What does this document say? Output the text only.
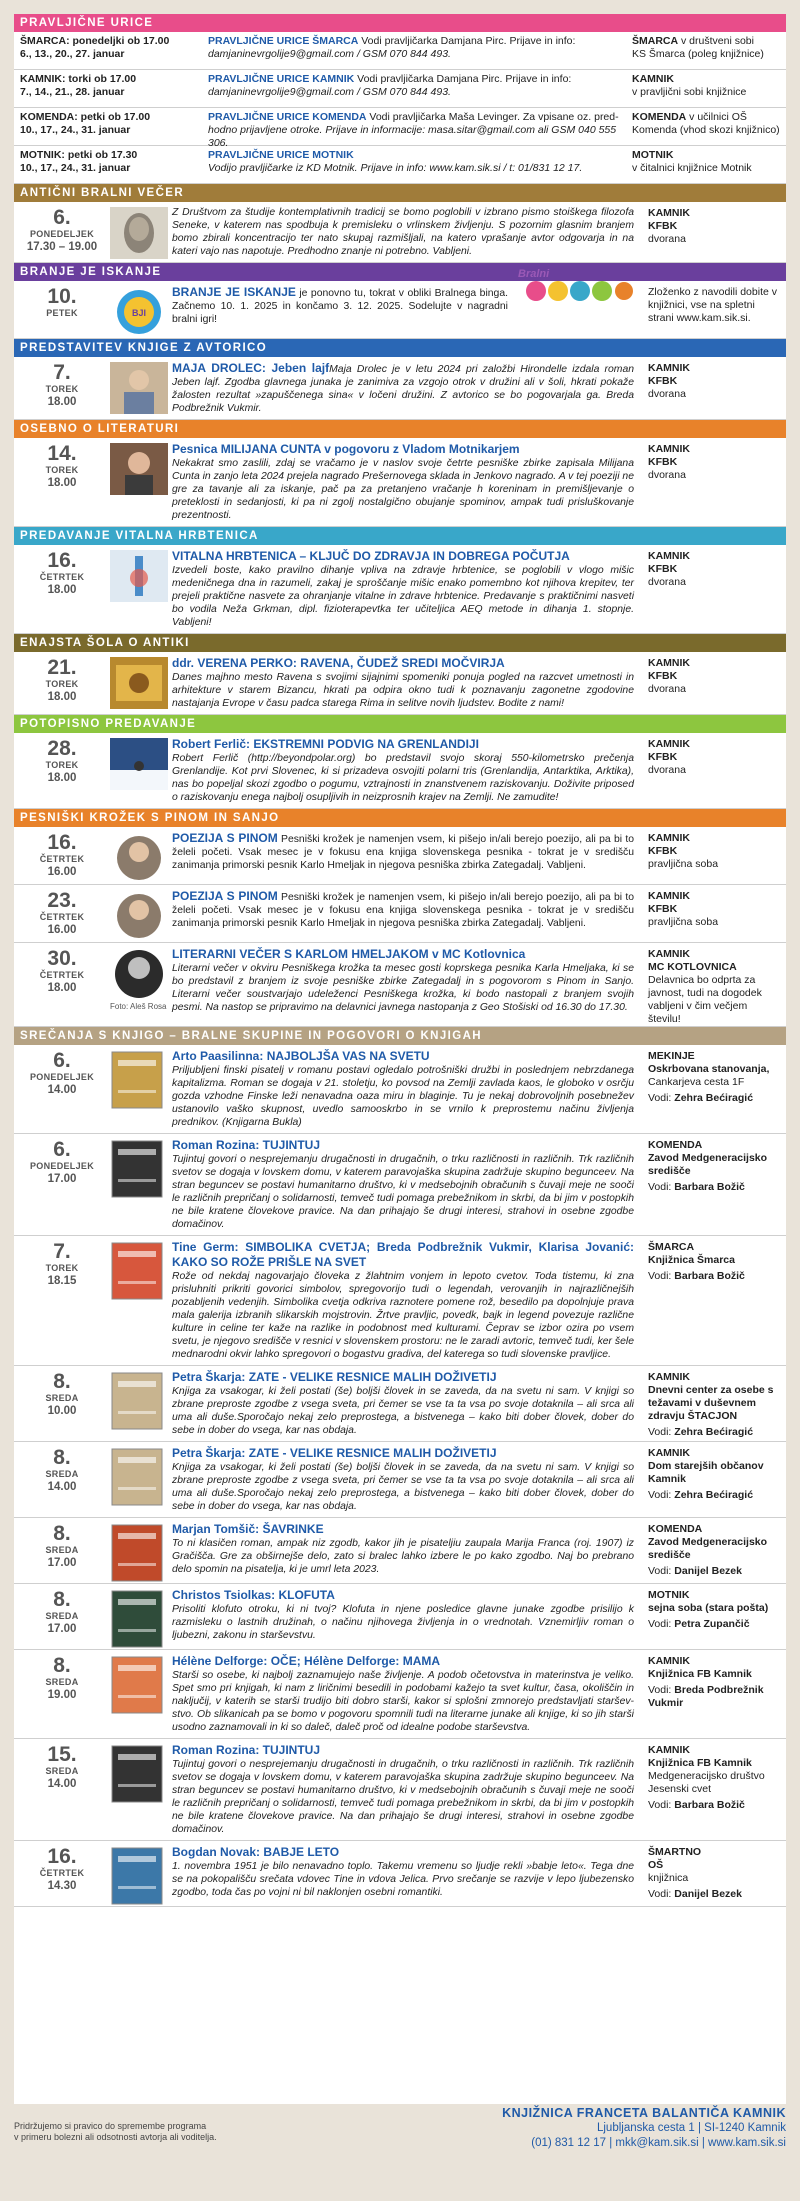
PRAVLJIČNE URICE
ŠMARCA: ponedeljki ob 17.00
6., 13., 20., 27. januar
PRAVLJIČNE URICE ŠMARCA Vodi pravljičarka Damjana Pirc. Prijave in info:
damjaninevrgolije9@gmail.com / GSM 070 844 493.
ŠMARCA v društveni sobi
KS Šmarca (poleg knjižnice)
KAMNIK: torki ob 17.00
7., 14., 21., 28. januar
PRAVLJIČNE URICE KAMNIK Vodi pravljičarka Damjana Pirc. Prijave in info:
damjaninevrgolije9@gmail.com / GSM 070 844 493.
KAMNIK
v pravljični sobi knjižnice
KOMENDA: petki ob 17.00
10., 17., 24., 31. januar
PRAVLJIČNE URICE KOMENDA Vodi pravljičarka Maša Levinger. Za vpisane oz. pred-
hodno prijavljene otroke. Prijave in informacije: masa.sitar@gmail.com ali GSM 040 555 306.
KOMENDA v učilnici OŠ
Komenda (vhod skozi knjižnico)
MOTNIK: petki ob 17.30
10., 17., 24., 31. januar
PRAVLJIČNE URICE MOTNIK
Vodijo pravljičarke iz KD Motnik. Prijave in info: www.kam.sik.si / t: 01/831 12 17.
MOTNIK
v čitalnici knjižnice Motnik
ANTIČNI BRALNI VEČER
6.
PONEDELJEK
17.30 – 19.00
Z Društvom za študije kontemplativnih tradicij se bomo poglobili v izbrano pismo stoiškega filozofa Seneke, v katerem nas spodbuja k premisleku o vrlinskem življenju. S pozornim glasnim branjem bomo zbirali koncentracijo ter nato skupaj razmišljali, na katero vprašanje avtor odgovarja in na kateri vajo nas napotuje. Predhodno znanje ni potrebno. Vabljeni.
KAMNIK
KFBK
dvorana
BRANJE JE ISKANJE
10.
PETEK	BJI
Bralni
BRANJE JE ISKANJE je ponovno tu, tokrat v obliki Bralnega binga. Začnemo 10. 1. 2025 in končamo 3. 12. 2025. Sodelujte v nagradni bralni igri!
Zloženko z navodili dobite v knjižnici, vse na spletni strani www.kam.sik.si.
PREDSTAVITEV KNJIGE Z AVTORICO
7.
TOREK
18.00
MAJA DROLEC: Jeben lajfMaja Drolec je v letu 2024 pri založbi Hirondelle izdala roman Jeben lajf. Zgodba glavnega junaka je zanimiva za vzgojo otrok v družini ali v šoli, hkrati pokaže žalosten rezultat »zapuščenega sina« v ločeni družini. Z avtorico se bo pogovarjala ga. Breda Podbrežnik Vukmir.
KAMNIK
KFBK
dvorana
OSEBNO O LITERATURI
14.
TOREK
18.00
Pesnica MILIJANA CUNTA v pogovoru z Vladom Motnikarjem
Nekakrat smo zaslili, zdaj se vračamo je v naslov svoje četrte pesniške zbirke zapisala Milijana Cunta in zanjo leta 2024 prejela nagrado Prešernovega sklada in Jenkovo nagrado. A v tej poeziji ne gre za tavanje ali za iskanje, pač pa za pretanjeno vračanje h koreninam in premišljevanje o preteklosti in sedanjosti, ki pa ni zgolj nostalgično obujanje spominov, ampak tudi prisluškovanje prezentnosti.
KAMNIK
KFBK
dvorana
PREDAVANJE VITALNA HRBTENICA
16.
ČETRTEK
18.00
VITALNA HRBTENICA – KLJUČ DO ZDRAVJA IN DOBREGA POČUTJA
Izvedeli boste, kako pravilno dihanje vpliva na zdravje hrbtenice, se poglobili v vlogo mišic medeničnega dna in razumeli, zakaj je sproščanje mišic enako pomembno kot njihova krepitev, ter prejeli praktične nasvete za ohranjanje vitalne in zdrave hrbtenice. Predavanje s praktičnimi nasveti bo vodila Neža Grkman, dipl. fizioterapevtka ter učiteljica AEQ metode in dihanja 1. stopnje. Vabljeni!
KAMNIK
KFBK
dvorana
ENAJSTA ŠOLA O ANTIKI
21.
TOREK
18.00
ddr. VERENA PERKO: RAVENA, ČUDEŽ SREDI MOČVIRJA
Danes majhno mesto Ravena s svojimi sijajnimi spomeniki ponuja pogled na razcvet umetnosti in arhitekture v starem Bizancu, hkrati pa odpira okno tudi k poznavanju zagonetne zgodovine nastajanja Evrope v času padca starega Rima in selitve novih ljudstev. Bodite z nami!
KAMNIK
KFBK
dvorana
POTOPISNO PREDAVANJE
28.
TOREK
18.00
Robert Ferlič: EKSTREMNI PODVIG NA GRENLANDIJI
Robert Ferlič (http://beyondpolar.org) bo predstavil svojo skoraj 550-kilometrsko prečenja Grenlandije. Kot prvi Slovenec, ki si prizadeva osvojiti polarni tris (Grenlandija, Antarktika, Arktika), nas bo popeljal skozi zgodbo o pogumu, vztrajnosti in znanstvenem raziskovanju. Doživite priposed o raziskovanju enega najbolj osupljivih in neizprosnih krajev na Zemlji. Ne zamudite!
KAMNIK
KFBK
dvorana
PESNIŠKI KROŽEK S PINOM IN SANJO
16.
ČETRTEK
16.00
POEZIJA S PINOM Pesniški krožek je namenjen vsem, ki pišejo in/ali berejo poezijo, ali pa bi to želeli početi. Vsak mesec je v fokusu ena knjiga slovenskega pesnika - tokrat je v središču zanimanja primorski pesnik Karlo Hmeljak in njegova pesniška zbirka Zategadalj. Vabljeni.
KAMNIK
KFBK
pravljična soba
23.
ČETRTEK
16.00
POEZIJA S PINOM Pesniški krožek je namenjen vsem, ki pišejo in/ali berejo poezijo, ali pa bi to želeli početi. Vsak mesec je v fokusu ena knjiga slovenskega pesnika - tokrat je v središču zanimanja primorski pesnik Karlo Hmeljak in njegova pesniška zbirka Zategadalj. Vabljeni.
KAMNIK
KFBK
pravljična soba
30.
ČETRTEK
18.00
Foto: Aleš Rosa
LITERARNI VEČER S KARLOM HMELJAKOM v MC Kotlovnica
Literarni večer v okviru Pesniškega krožka ta mesec gosti koprskega pesnika Karla Hmeljaka, ki se bo predstavil z branjem iz svoje pesniške zbirke Zategadalj in s pogovorom s Pinom in Sanjo. Literarni večer soustvarjajo udeleženci Pesniškega krožka, ki bodo nastopali z branjem svojih pesmi. Na nastop se pripravimo na delavnici javnega nastopanja z Geo Stošiski od 16.30 do 17.30.
KAMNIK
MC KOTLOVNICA
Delavnica bo odprta za javnost, tudi na dogodek vabljeni v čim večjem številu!
SREČANJA S KNJIGO – BRALNE SKUPINE IN POGOVORI O KNJIGAH
6.
PONEDELJEK
14.00
Arto Paasilinna: NAJBOLJŠA VAS NA SVETU
Priljubljeni finski pisatelj v romanu postavi ogledalo potrošniški družbi in poslednjem nebrzdanega kapitalizma. Roman se dogaja v 21. stoletju, ko povsod na Zemlji zavlada kaos, le globoko v osrčju gozda vzhodne Finske leži nenavadna oaza miru in blaginje. Tu je nekaj dobrovoljnih posebnežev ustanovilo vaško skupnost, uvedlo samooskrbo in se vrnilo k preprostemu načinu življenja prednikov. (Knjigarna Bukla)
MEKINJE
Oskrbovana stanovanja,
Cankarjeva cesta 1F
Vodi: Zehra Bećiragić
6.
PONEDELJEK
17.00
Roman Rozina: TUJINTUJ
Tujintuj govori o nesprejemanju drugačnosti in drugačnih, o trku različnosti in različnih. Trk različnih svetov se dogaja v lovskem domu, v katerem paravojaška skupina zadržuje skupino begunceev. Na stran beguncev se postavi humanitarno društvo, ki v medsebojnih obračunih s čuvaji meje ne sooči le različnih prepričanj o solidarnosti, temveč tudi pomaga prebežnikom in skrbi, da bi jim v postopkih ne bile kratene človekove pravice. Na dan prihajajo še drugi interesi, strahovi in osebne zgodbe domačinov.
KOMENDA
Zavod Medgeneracijsko središče
Vodi: Barbara Božič
7.
TOREK
18.15
Tine Germ: SIMBOLIKA CVETJA; Breda Podbrežnik Vukmir, Klarisa Jovanić: KAKO SO ROŽE PRIŠLE NA SVET
Rože od nekdaj nagovarjajo človeka z žlahtnim vonjem in lepoto cvetov. Toda tistemu, ki zna prisluhniti prikriti govorici simbolov, spregovorijo tudi o legendah, verovanjih in najrazličnejših pozabljenih vedenjih. Simbolika cvetja odkriva raznotere pomene rož, besedilo pa dopolnjuje prava mala galerija izbranih slikarskih mojstrovin. Žrtve pravljic, povedk, bajk in legend povezuje različne kulture in celine ter kaže na razlike in podobnost med kulturami. Čeprav se izbor ozira po vsem svetu, je njegovo središče v resnici v slovenskem prostoru: ne le zaradi avtoric, temveč tudi, ker šele mednarodni okvir lahko spregovori o bogastvu gradiva, del katerega so tudi slovenske pravljice.
ŠMARCA
Knjižnica Šmarca
Vodi: Barbara Božič
8.
SREDA
10.00
Petra Škarja: ZATE - VELIKE RESNICE MALIH DOŽIVETIJ
Knjiga za vsakogar, ki želi postati (še) boljši človek in se zaveda, da na svetu ni sam. V knjigi so zbrane preproste zgodbe z vsega sveta, pri čemer se vse ta ta vsa po svoje dotaknila – ali srca ali uma ali duše.Sporočajo nekaj zelo preprostega, a bistvenega – kako biti dober človek, dober do sebe in dober do vsega, kar nas obdaja.
KAMNIK
Dnevni center za osebe s težavami v duševnem zdravju ŠTACJON
Vodi: Zehra Bećiragić
8.
SREDA
14.00
Petra Škarja: ZATE - VELIKE RESNICE MALIH DOŽIVETIJ
Knjiga za vsakogar, ki želi postati (še) boljši človek in se zaveda, da na svetu ni sam. V knjigi so zbrane preproste zgodbe z vsega sveta, pri čemer se vse ta ta vsa po svoje dotaknila – ali srca ali uma ali duše.Sporočajo nekaj zelo preprostega, a bistvenega – kako biti dober človek, dober do sebe in dober do vsega, kar nas obdaja.
KAMNIK
Dom starejših občanov Kamnik
Vodi: Zehra Bećiragić
8.
SREDA
17.00
Marjan Tomšič: ŠAVRINKE
To ni klasičen roman, ampak niz zgodb, kakor jih je pisateljiu zaupala Marija Franca (roj. 1907) iz Gračišča. Gre za obširnejše delo, zato si bralec lahko izbere le po kako zgodbo. Naj bo prebrano delo spomin na pisatelja, ki je umrl leta 2023.
KOMENDA
Zavod Medgeneracijsko središče
Vodi: Danijel Bezek
8.
SREDA
17.00
Christos Tsiolkas: KLOFUTA
Prisoliti klofuto otroku, ki ni tvoj? Klofuta in njene posledice glavne junake zgodbe prisilijo k razmisleku o lastnih družinah, o načinu njihovega življenja in o vrednotah. Vznemirljiv roman o ljubezni, zakonu in starševstvu.
MOTNIK
sejna soba (stara pošta)
Vodi: Petra Zupančič
8.
SREDA
19.00
Hélène Delforge: OČE; Hélène Delforge: MAMA
Starši so osebe, ki najbolj zaznamujejo naše življenje. A podob očetovstva in materinstva je veliko. Spet smo pri knjigah, ki nam z liričnimi besedili in podobami kažejo ta svet kultur, časa, okoliščin in naključij, v katerih se starši trudijo biti dobro starši, kakor si splošni zmnorejo predstavljati staršev-stvo. Ob slikanicah pa se bomo v pogovoru spomnili tudi na literarne junake ali knjige, ki so jih starši usodno zaznamovali in ki so daleč, daleč proč od idealne podobe starševstva.
KAMNIK
Knjižnica FB Kamnik
Vodi: Breda Podbrežnik Vukmir
15.
SREDA
14.00
Roman Rozina: TUJINTUJ
Tujintuj govori o nesprejemanju drugačnosti in drugačnih, o trku različnosti in različnih. Trk različnih svetov se dogaja v lovskem domu, v katerem paravojaška skupina zadržuje skupino begunceev. Na stran beguncev se postavi humanitarno društvo, ki v medsebojnih obračunih s čuvaji meje ne sooči le različnih prepričanj o solidarnosti, temveč tudi pomaga prebežnikom in skrbi, da bi jim v postopkih ne bile kratene človekove pravice. Na dan prihajajo še drugi interesi, strahovi in osebne zgodbe domačinov.
KAMNIK
Knjižnica FB Kamnik
Medgeneracijsko društvo Jesenski cvet
Vodi: Barbara Božič
16.
ČETRTEK
14.30
Bogdan Novak: BABJE LETO
1. novembra 1951 je bilo nenavadno toplo. Takemu vremenu so ljudje rekli »babje leto«. Tega dne se na pokopališču srečata vdovec Tine in vdova Jelica. Prvo srečanje se razvije v lepo ljubezensko zgodbo, toda čas po vojni ni bil naklonjen osebni romantiki.
ŠMARTNO
OŠ
knjižnica
Vodi: Danijel Bezek
Pridržujemo si pravico do spremembe programa
v primeru bolezni ali odsotnosti avtorja ali voditelja.
KNJIŽNICA FRANCETA BALANTIČA KAMNIK
Ljubljanska cesta 1 | SI-1240 Kamnik
(01) 831 12 17 | mkk@kam.sik.si | www.kam.sik.si
